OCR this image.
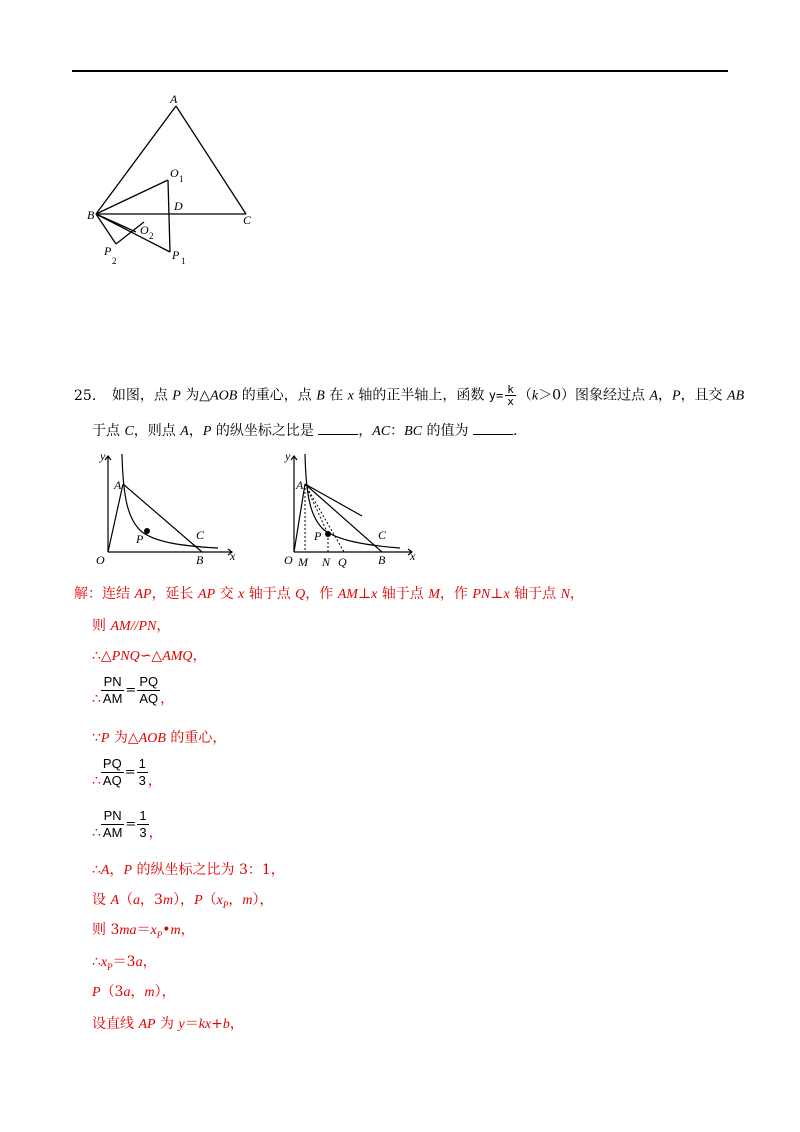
A
B	C
D
O 1
O 2
P 1
P
2
25． 如图，点 P 为△AOB 的重心，点 B 在 x 轴的正半轴上，函数 $y= \frac{k}{x} (k>0)$图象经过点 A，P，且交 AB
于点 C，则点 A，P 的纵坐标之比是	，AC：BC 的值为	.
y
A
C
P
O	B x
y
A
C
P
O M N Q	B x
解：连结 AP，延长 AP 交 x 轴于点 Q，作 AM⊥x 轴于点 M，作 PN⊥x 轴于点 N，
则 AM//PN，
∴△PNQ∽△AMQ，
∴ $\frac{PN}{AM} = \frac{PQ}{AQ}$ ，
∵P 为△AOB 的重心，
∴ $\frac{PQ}{AQ} = \frac{1}{3}$ ，
∴ $\frac{PN}{AM} = \frac{1}{3}$ ，
∴A，P 的纵坐标之比为 3：1，
设 A（a，3m），$P(x_P$，m），
则 $3ma=x_P•m$，
$\therefore x_P=3a$，
P（3a，m），
设直线 AP 为 y＝kx+b，
